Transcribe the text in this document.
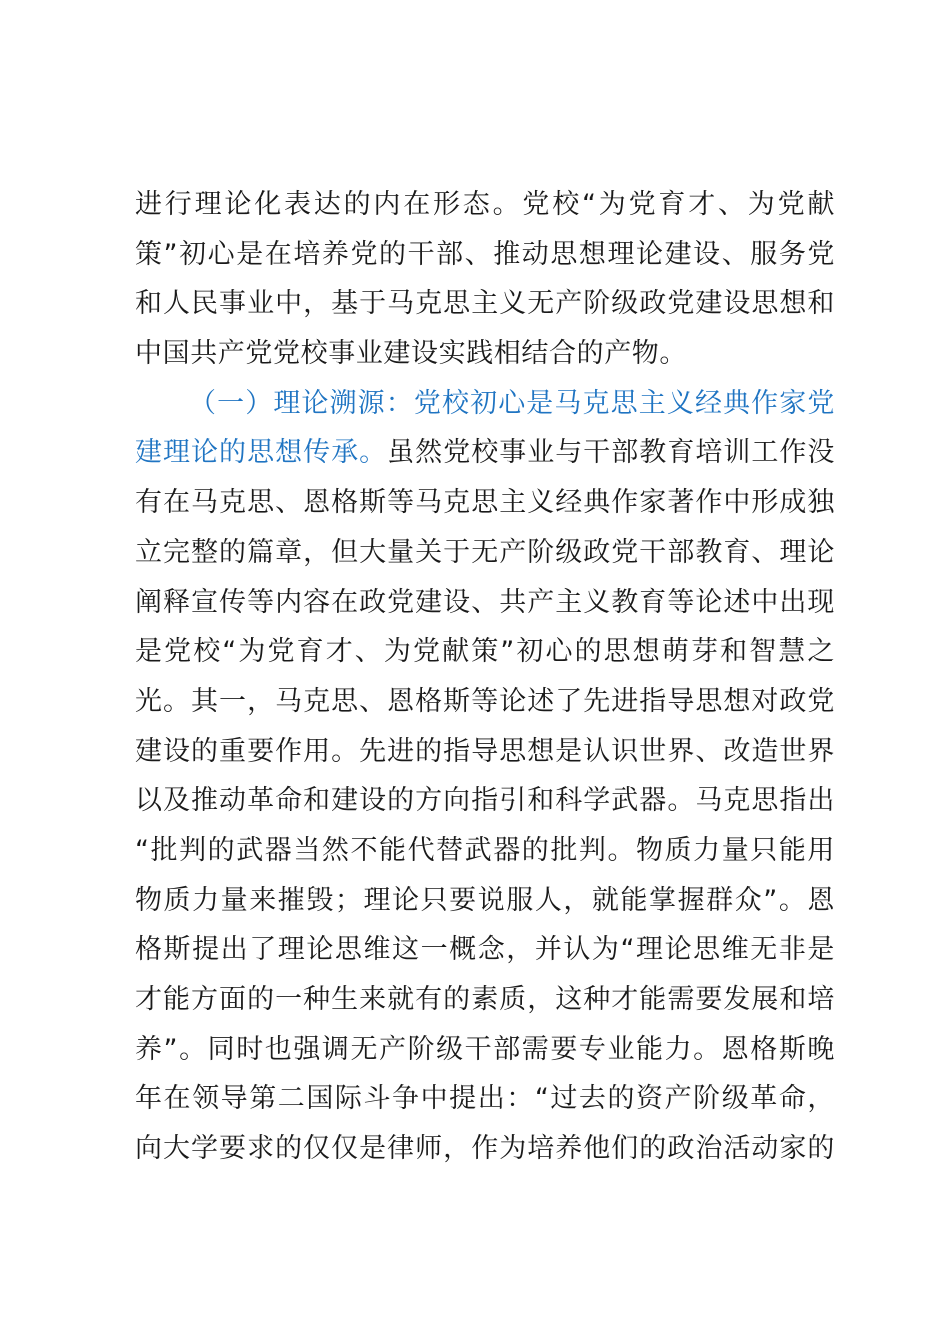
进行理论化表达的内在形态。党校“为党育才、为党献
策”初心是在培养党的干部、推动思想理论建设、服务党
和人民事业中，基于马克思主义无产阶级政党建设思想和
中国共产党党校事业建设实践相结合的产物。
（一）理论溯源：党校初心是马克思主义经典作家党
建理论的思想传承。虽然党校事业与干部教育培训工作没
有在马克思、恩格斯等马克思主义经典作家著作中形成独
立完整的篇章，但大量关于无产阶级政党干部教育、理论
阐释宣传等内容在政党建设、共产主义教育等论述中出现
是党校“为党育才、为党献策”初心的思想萌芽和智慧之
光。其一，马克思、恩格斯等论述了先进指导思想对政党
建设的重要作用。先进的指导思想是认识世界、改造世界
以及推动革命和建设的方向指引和科学武器。马克思指出
“批判的武器当然不能代替武器的批判。物质力量只能用
物质力量来摧毁；理论只要说服人，就能掌握群众”。恩
格斯提出了理论思维这一概念，并认为“理论思维无非是
才能方面的一种生来就有的素质，这种才能需要发展和培
养”。同时也强调无产阶级干部需要专业能力。恩格斯晚
年在领导第二国际斗争中提出：“过去的资产阶级革命，
向大学要求的仅仅是律师，作为培养他们的政治活动家的
